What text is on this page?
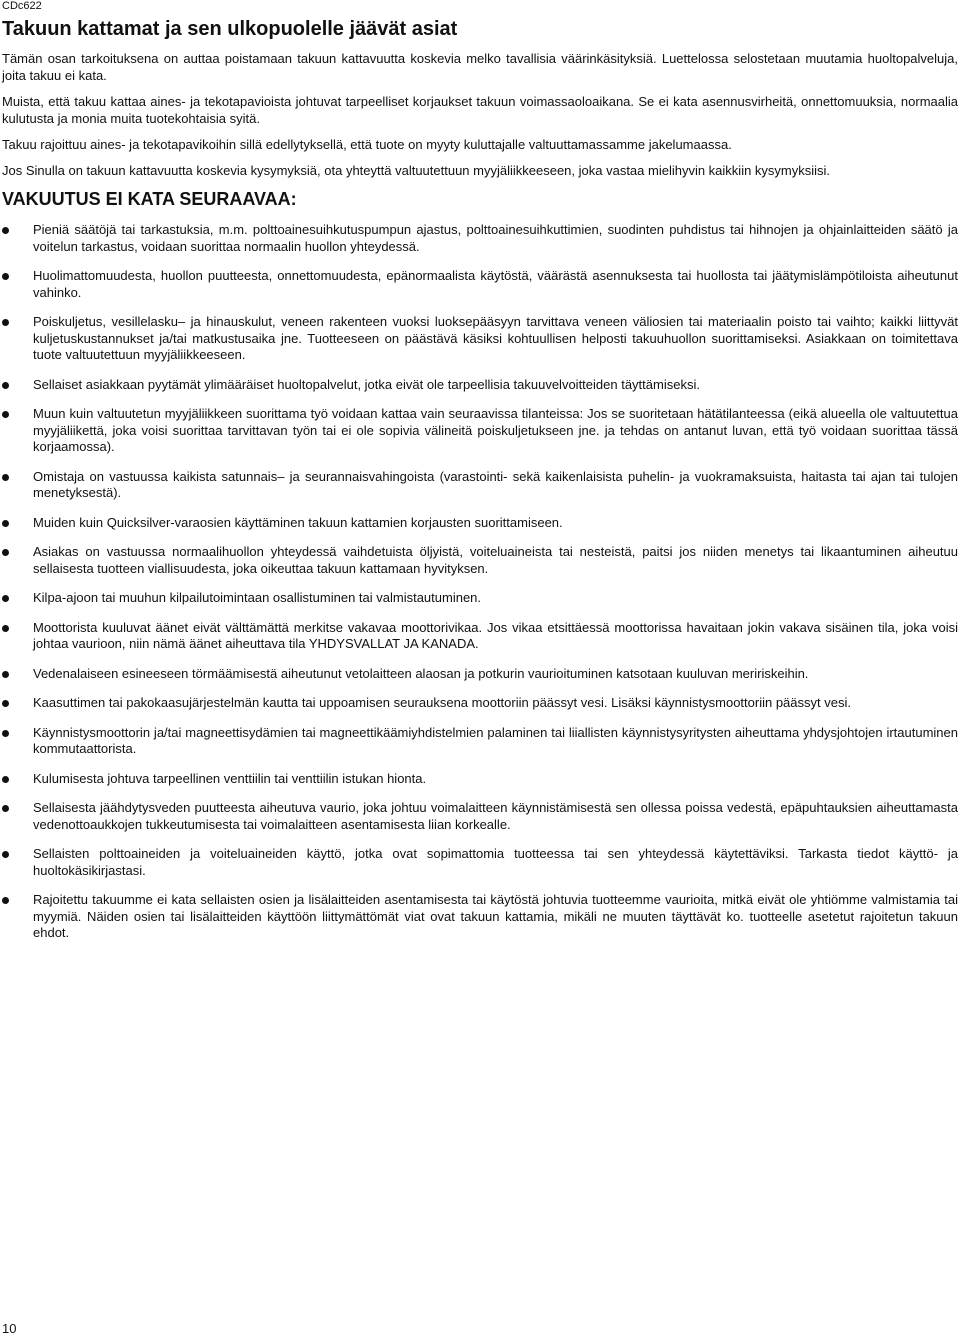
CDc622
Takuun kattamat ja sen ulkopuolelle jäävät asiat

Tämän osan tarkoituksena on auttaa poistamaan takuun kattavuutta koskevia melko tavallisia väärinkäsityksiä. Luettelossa selostetaan muutamia huoltopalveluja, joita takuu ei kata.

Muista, että takuu kattaa aines- ja tekotapavioista johtuvat tarpeelliset korjaukset takuun voimassaoloaikana. Se ei kata asennusvirheitä, onnettomuuksia, normaalia kulutusta ja monia muita tuotekohtaisia syitä.

Takuu rajoittuu aines- ja tekotapavikoihin sillä edellytyksellä, että tuote on myyty kuluttajalle valtuuttamassamme jakelumaassa.

Jos Sinulla on takuun kattavuutta koskevia kysymyksiä, ota yhteyttä valtuutettuun myyjäliikkeeseen, joka vastaa mielihyvin kaikkiin kysymyksiisi.

VAKUUTUS EI KATA SEURAAVAA:
Pieniä säätöjä tai tarkastuksia, m.m. polttoainesuihkutuspumpun ajastus, polttoainesuihkuttimien, suodinten puhdistus tai hihnojen ja ohjainlaitteiden säätö ja voitelun tarkastus, voidaan suorittaa normaalin huollon yhteydessä.
Huolimattomuudesta, huollon puutteesta, onnettomuudesta, epänormaalista käytöstä, väärästä asennuksesta tai huollosta tai jäätymislämpötiloista aiheutunut vahinko.
Poiskuljetus, vesillelasku– ja hinauskulut, veneen rakenteen vuoksi luoksepääsyyn tarvittava veneen väliosien tai materiaalin poisto tai vaihto; kaikki liittyvät kuljetuskustannukset ja/tai matkustusaika jne. Tuotteeseen on päästävä käsiksi kohtuullisen helposti takuuhuollon suorittamiseksi. Asiakkaan on toimitettava tuote valtuutettuun myyjäliikkeeseen.
Sellaiset asiakkaan pyytämät ylimääräiset huoltopalvelut, jotka eivät ole tarpeellisia takuuvelvoitteiden täyttämiseksi.
Muun kuin valtuutetun myyjäliikkeen suorittama työ voidaan kattaa vain seuraavissa tilanteissa: Jos se suoritetaan hätätilanteessa (eikä alueella ole valtuutettua myyjäliikettä, joka voisi suorittaa tarvittavan työn tai ei ole sopivia välineitä poiskuljetukseen jne. ja tehdas on antanut luvan, että työ voidaan suorittaa tässä korjaamossa).
Omistaja on vastuussa kaikista satunnais– ja seurannaisvahingoista (varastointi- sekä kaikenlaisista puhelin- ja vuokramaksuista, haitasta tai ajan tai tulojen menetyksestä).
Muiden kuin Quicksilver-varaosien käyttäminen takuun kattamien korjausten suorittamiseen.
Asiakas on vastuussa normaalihuollon yhteydessä vaihdetuista öljyistä, voiteluaineista tai nesteistä, paitsi jos niiden menetys tai likaantuminen aiheutuu sellaisesta tuotteen viallisuudesta, joka oikeuttaa takuun kattamaan hyvityksen.
Kilpa-ajoon tai muuhun kilpailutoimintaan osallistuminen tai valmistautuminen.
Moottorista kuuluvat äänet eivät välttämättä merkitse vakavaa moottorivikaa. Jos vikaa etsittäessä moottorissa havaitaan jokin vakava sisäinen tila, joka voisi johtaa vaurioon, niin nämä äänet aiheuttava tila YHDYSVALLAT JA KANADA.
Vedenalaiseen esineeseen törmäämisestä aiheutunut vetolaitteen alaosan ja potkurin vaurioituminen katsotaan kuuluvan meririskeihin.
Kaasuttimen tai pakokaasujärjestelmän kautta tai uppoamisen seurauksena moottoriin päässyt vesi. Lisäksi käynnistysmoottoriin päässyt vesi.
Käynnistysmoottorin ja/tai magneettisydämien tai magneettikäämiyhdistelmien palaminen tai liiallisten käynnistysyritysten aiheuttama yhdysjohtojen irtautuminen kommutaattorista.
Kulumisesta johtuva tarpeellinen venttiilin tai venttiilin istukan hionta.
Sellaisesta jäähdytysveden puutteesta aiheutuva vaurio, joka johtuu voimalaitteen käynnistämisestä sen ollessa poissa vedestä, epäpuhtauksien aiheuttamasta vedenottoaukkojen tukkeutumisesta tai voimalaitteen asentamisesta liian korkealle.
Sellaisten polttoaineiden ja voiteluaineiden käyttö, jotka ovat sopimattomia tuotteessa tai sen yhteydessä käytettäviksi. Tarkasta tiedot käyttö- ja huoltokäsikirjastasi.
Rajoitettu takuumme ei kata sellaisten osien ja lisälaitteiden asentamisesta tai käytöstä johtuvia tuotteemme vaurioita, mitkä eivät ole yhtiömme valmistamia tai myymiä. Näiden osien tai lisälaitteiden käyttöön liittymättömät viat ovat takuun kattamia, mikäli ne muuten täyttävät ko. tuotteelle asetetut rajoitetun takuun ehdot.
10
